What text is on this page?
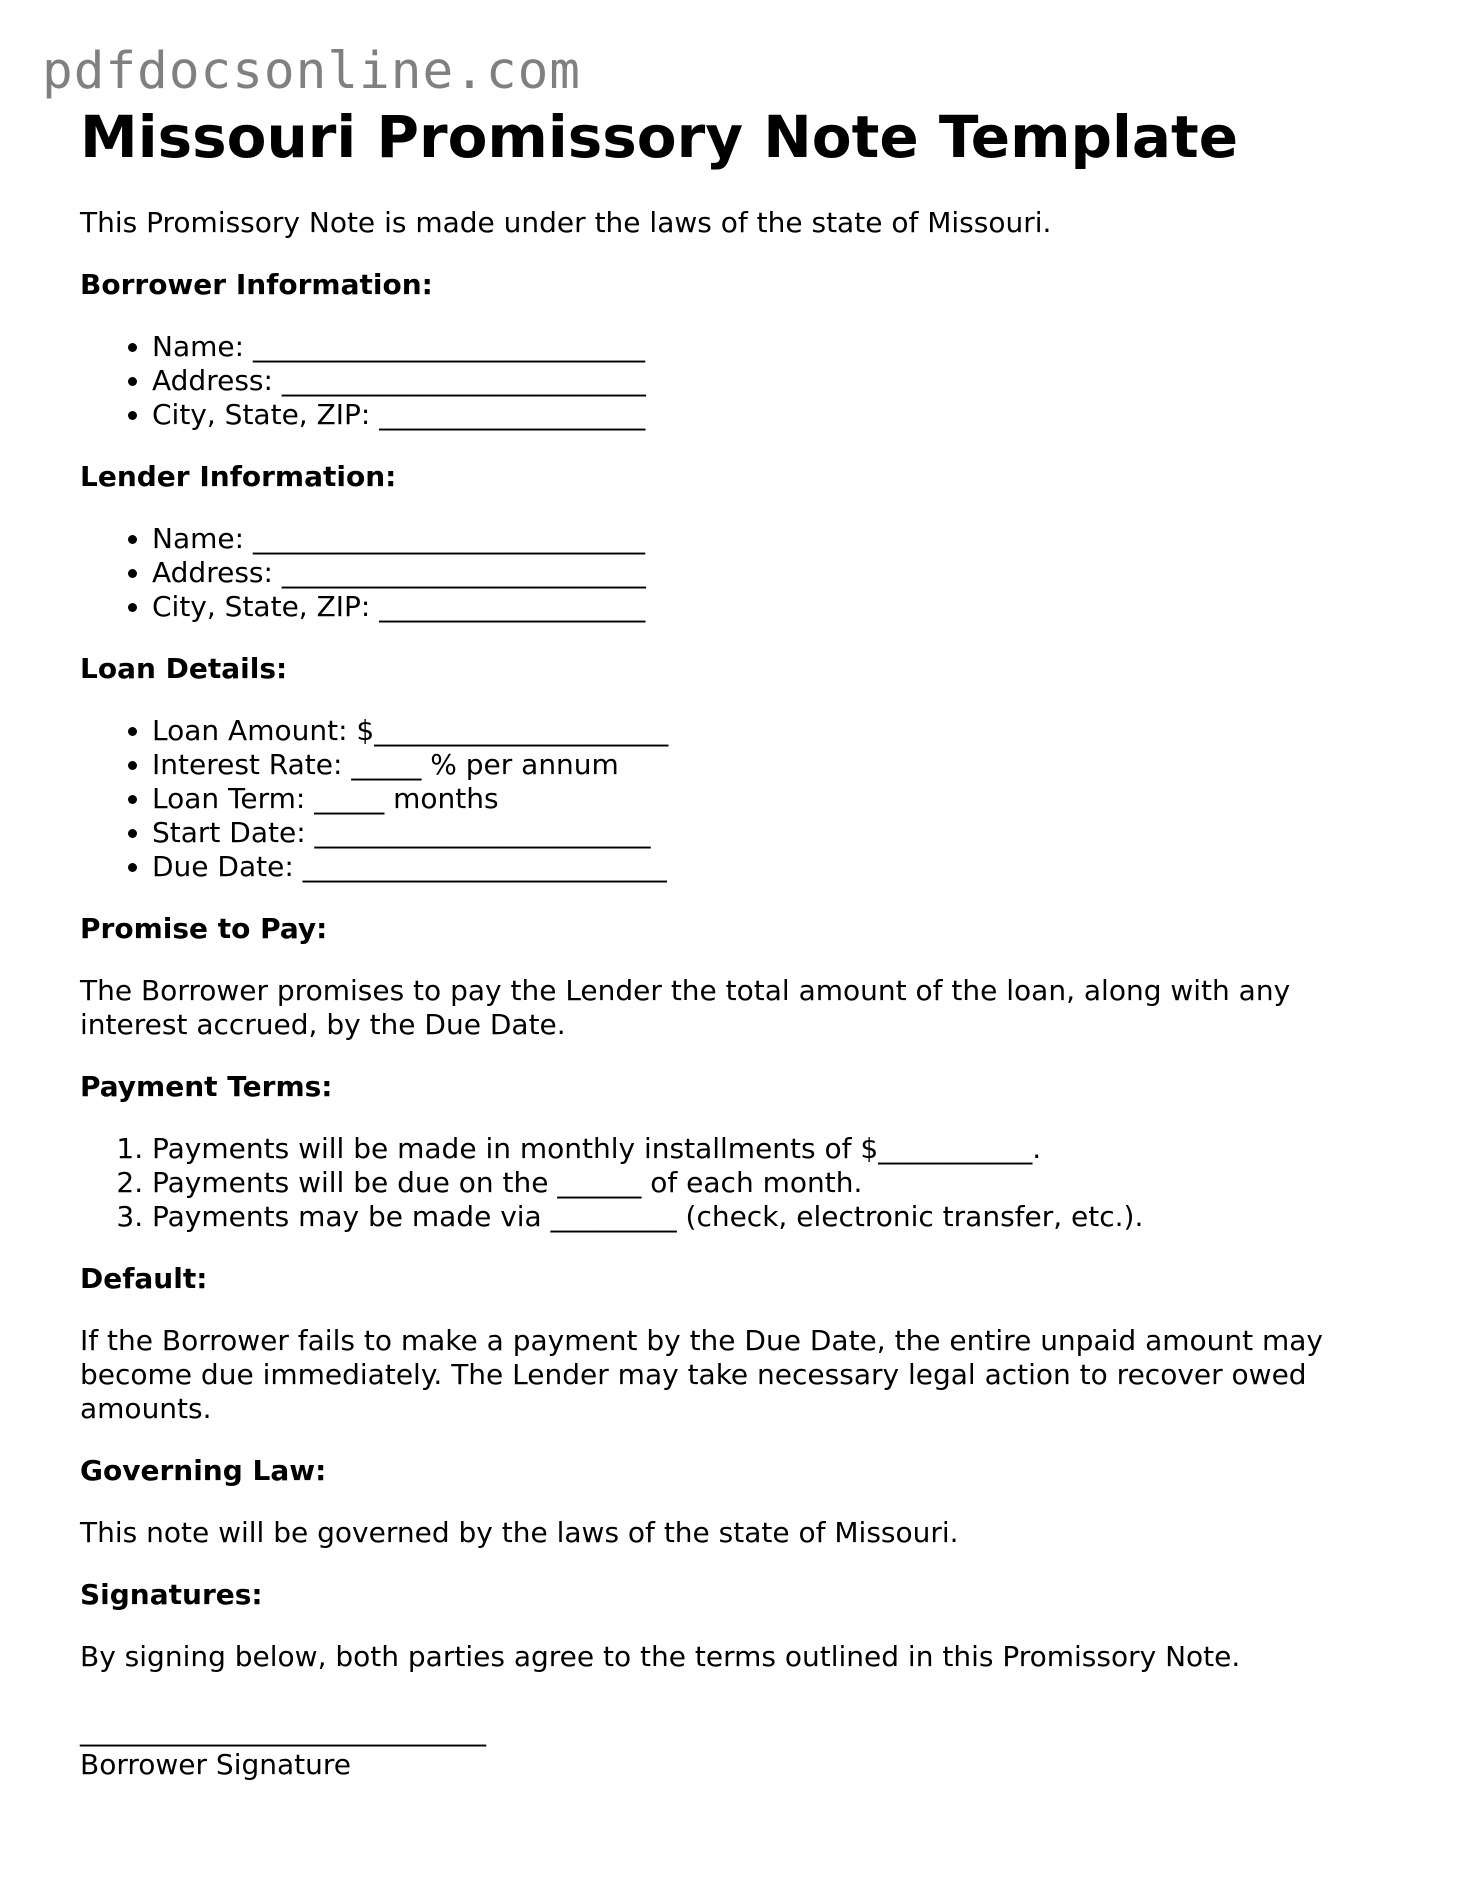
pdfdocsonline.com
Missouri Promissory Note Template

This Promissory Note is made under the laws of the state of Missouri.

Borrower Information:
• Name: ____________________________
• Address: __________________________
• City, State, ZIP: ___________________
Lender Information:
• Name: ____________________________
• Address: __________________________
• City, State, ZIP: ___________________
Loan Details:
• Loan Amount: $_____________________
• Interest Rate: _____ % per annum
• Loan Term: _____ months
• Start Date: ________________________
• Due Date: __________________________
Promise to Pay:

The Borrower promises to pay the Lender the total amount of the loan, along with any interest accrued, by the Due Date.

Payment Terms:
1. Payments will be made in monthly installments of $___________.
2. Payments will be due on the ______ of each month.
3. Payments may be made via _________ (check, electronic transfer, etc.).
Default:

If the Borrower fails to make a payment by the Due Date, the entire unpaid amount may become due immediately. The Lender may take necessary legal action to recover owed amounts.

Governing Law:

This note will be governed by the laws of the state of Missouri.

Signatures:

By signing below, both parties agree to the terms outlined in this Promissory Note.

_____________________________

Borrower Signature
